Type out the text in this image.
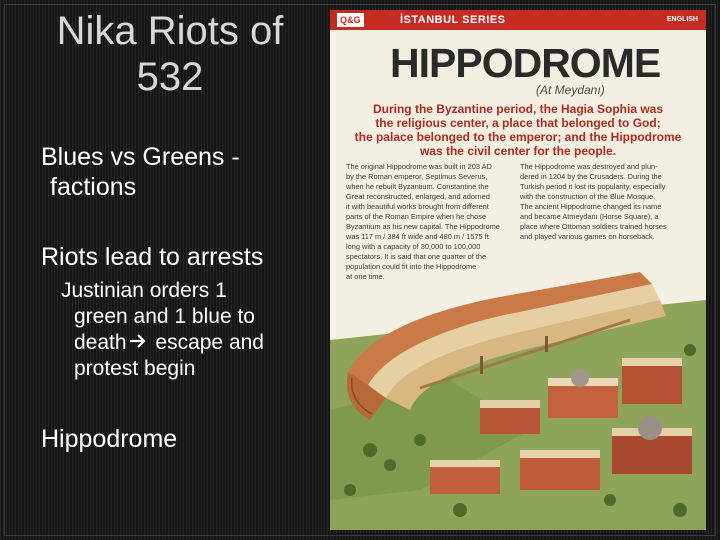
Nika Riots of
532
Blues vs Greens -
factions
Riots lead to arrests
Justinian orders 1
green and 1 blue to
death escape and
protest begin
Hippodrome
Q&G	İSTANBUL SERIES	ENGLISH
HIPPODROME
(At Meydanı)
During the Byzantine period, the Hagia Sophia was
the religious center, a place that belonged to God;
the palace belonged to the emperor; and the Hippodrome
was the civil center for the people.
The original Hippodrome was built in 203 AD
by the Roman emperor, Septimus Severus,
when he rebuilt Byzantium. Constantine the
Great reconstructed, enlarged, and adorned
it with beautiful works brought from different
parts of the Roman Empire when he chose
Byzantium as his new capital. The Hippodrome
was 117 m / 384 ft wide and 480 m / 1575 ft
long with a capacity of 30,000 to 100,000
spectators. It is said that one quarter of the
population could fit into the Hippodrome
at one time.
The Hippodrome was destroyed and plun-
dered in 1204 by the Crusaders. During the
Turkish period it lost its popularity, especially
with the construction of the Blue Mosque.
The ancient Hippodrome changed its name
and became Atmeydanı (Horse Square), a
place where Ottoman soldiers trained horses
and played various games on horseback.
